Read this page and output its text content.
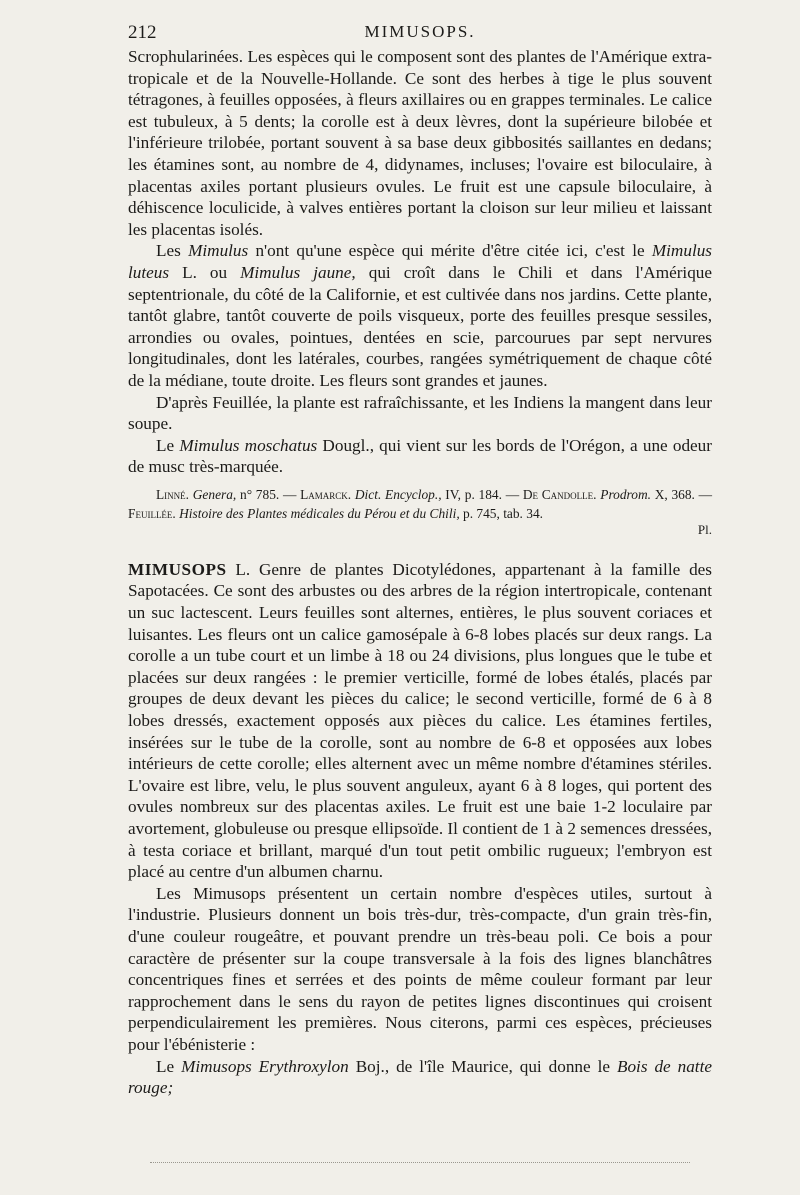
212	MIMUSOPS.

Scrophularinées. Les espèces qui le composent sont des plantes de l'Amérique extra-tropicale et de la Nouvelle-Hollande. Ce sont des herbes à tige le plus souvent tétragones, à feuilles opposées, à fleurs axillaires ou en grappes terminales. Le calice est tubuleux, à 5 dents; la corolle est à deux lèvres, dont la supérieure bilobée et l'inférieure trilobée, portant souvent à sa base deux gibbosités saillantes en dedans; les étamines sont, au nombre de 4, didynames, incluses; l'ovaire est biloculaire, à placentas axiles portant plusieurs ovules. Le fruit est une capsule biloculaire, à déhiscence loculicide, à valves entières portant la cloison sur leur milieu et laissant les placentas isolés.

Les Mimulus n'ont qu'une espèce qui mérite d'être citée ici, c'est le Mimulus luteus L. ou Mimulus jaune, qui croît dans le Chili et dans l'Amérique septentrionale, du côté de la Californie, et est cultivée dans nos jardins. Cette plante, tantôt glabre, tantôt couverte de poils visqueux, porte des feuilles presque sessiles, arrondies ou ovales, pointues, dentées en scie, parcourues par sept nervures longitudinales, dont les latérales, courbes, rangées symétriquement de chaque côté de la médiane, toute droite. Les fleurs sont grandes et jaunes.

D'après Feuillée, la plante est rafraîchissante, et les Indiens la mangent dans leur soupe.

Le Mimulus moschatus Dougl., qui vient sur les bords de l'Orégon, a une odeur de musc très-marquée.

Linné. Genera, n° 785. — Lamarck. Dict. Encyclop., IV, p. 184. — De Candolle. Prodrom. X, 368. — Feuillée. Histoire des Plantes médicales du Pérou et du Chili, p. 745, tab. 34.

Pl.

MIMUSOPS L. Genre de plantes Dicotylédones, appartenant à la famille des Sapotacées. Ce sont des arbustes ou des arbres de la région intertropicale, contenant un suc lactescent. Leurs feuilles sont alternes, entières, le plus souvent coriaces et luisantes. Les fleurs ont un calice gamosépale à 6-8 lobes placés sur deux rangs. La corolle a un tube court et un limbe à 18 ou 24 divisions, plus longues que le tube et placées sur deux rangées : le premier verticille, formé de lobes étalés, placés par groupes de deux devant les pièces du calice; le second verticille, formé de 6 à 8 lobes dressés, exactement opposés aux pièces du calice. Les étamines fertiles, insérées sur le tube de la corolle, sont au nombre de 6-8 et opposées aux lobes intérieurs de cette corolle; elles alternent avec un même nombre d'étamines stériles. L'ovaire est libre, velu, le plus souvent anguleux, ayant 6 à 8 loges, qui portent des ovules nombreux sur des placentas axiles. Le fruit est une baie 1-2 loculaire par avortement, globuleuse ou presque ellipsoïde. Il contient de 1 à 2 semences dressées, à testa coriace et brillant, marqué d'un tout petit ombilic rugueux; l'embryon est placé au centre d'un albumen charnu.

Les Mimusops présentent un certain nombre d'espèces utiles, surtout à l'industrie. Plusieurs donnent un bois très-dur, très-compacte, d'un grain très-fin, d'une couleur rougeâtre, et pouvant prendre un très-beau poli. Ce bois a pour caractère de présenter sur la coupe transversale à la fois des lignes blanchâtres concentriques fines et serrées et des points de même couleur formant par leur rapprochement dans le sens du rayon de petites lignes discontinues qui croisent perpendiculairement les premières. Nous citerons, parmi ces espèces, précieuses pour l'ébénisterie :

Le Mimusops Erythroxylon Boj., de l'île Maurice, qui donne le Bois de natte rouge;
